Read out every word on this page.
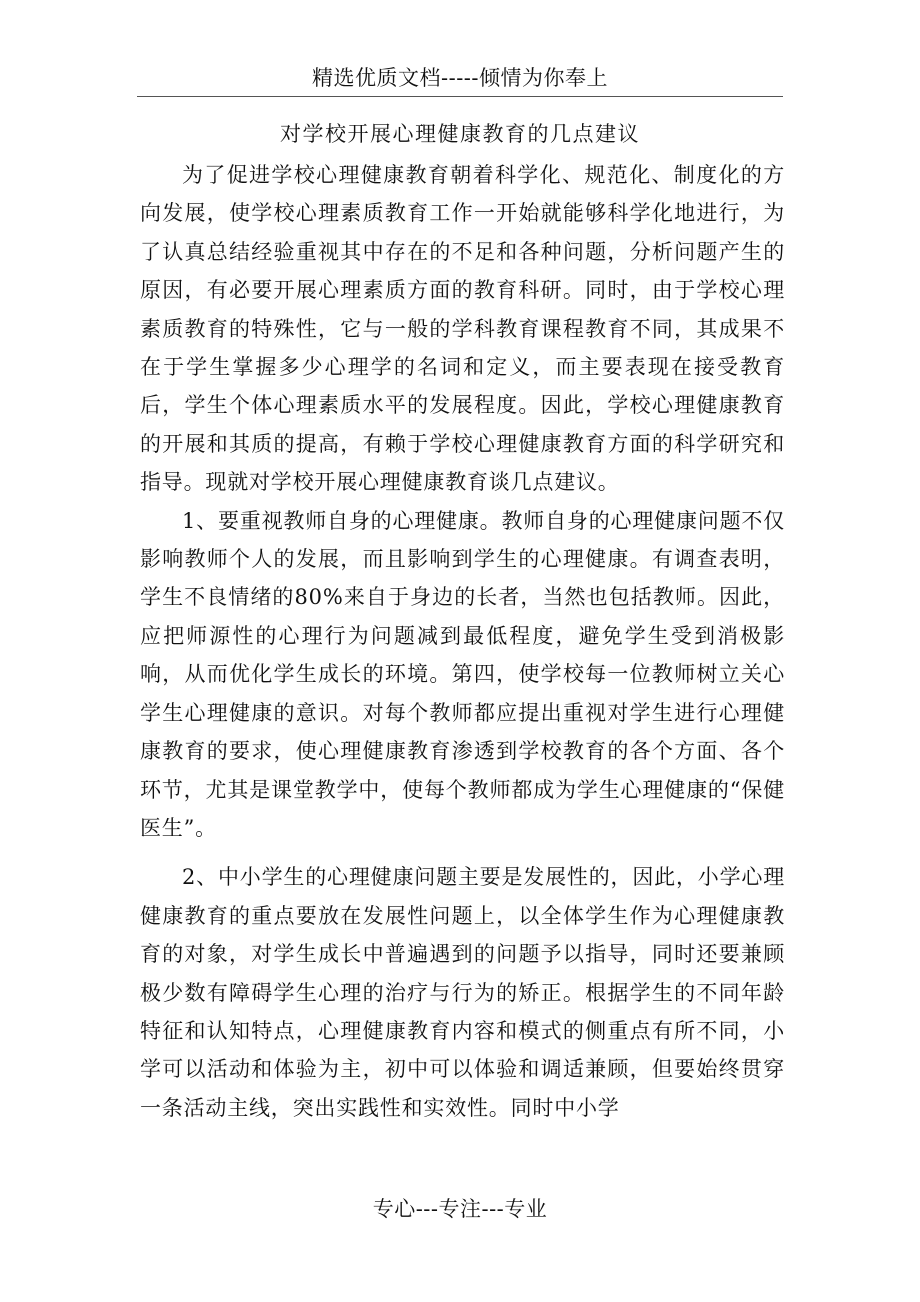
精选优质文档-----倾情为你奉上
对学校开展心理健康教育的几点建议

为了促进学校心理健康教育朝着科学化、规范化、制度化的方向发展，使学校心理素质教育工作一开始就能够科学化地进行，为了认真总结经验重视其中存在的不足和各种问题，分析问题产生的原因，有必要开展心理素质方面的教育科研。同时，由于学校心理素质教育的特殊性，它与一般的学科教育课程教育不同，其成果不在于学生掌握多少心理学的名词和定义，而主要表现在接受教育后，学生个体心理素质水平的发展程度。因此，学校心理健康教育的开展和其质的提高，有赖于学校心理健康教育方面的科学研究和指导。现就对学校开展心理健康教育谈几点建议。

1、要重视教师自身的心理健康。教师自身的心理健康问题不仅影响教师个人的发展，而且影响到学生的心理健康。有调查表明，学生不良情绪的80%来自于身边的长者，当然也包括教师。因此，应把师源性的心理行为问题减到最低程度，避免学生受到消极影响，从而优化学生成长的环境。第四，使学校每一位教师树立关心学生心理健康的意识。对每个教师都应提出重视对学生进行心理健康教育的要求，使心理健康教育渗透到学校教育的各个方面、各个环节，尤其是课堂教学中，使每个教师都成为学生心理健康的“保健医生”。

2、中小学生的心理健康问题主要是发展性的，因此，小学心理健康教育的重点要放在发展性问题上，以全体学生作为心理健康教育的对象，对学生成长中普遍遇到的问题予以指导，同时还要兼顾极少数有障碍学生心理的治疗与行为的矫正。根据学生的不同年龄特征和认知特点，心理健康教育内容和模式的侧重点有所不同，小学可以活动和体验为主，初中可以体验和调适兼顾，但要始终贯穿一条活动主线，突出实践性和实效性。同时中小学

专心---专注---专业
